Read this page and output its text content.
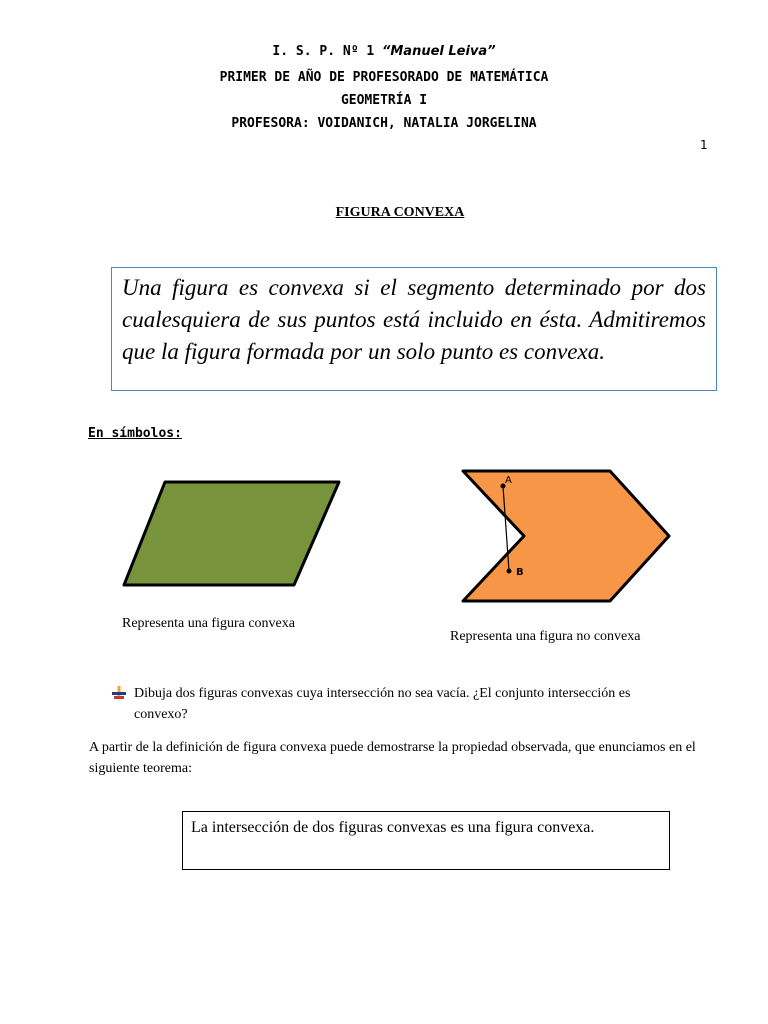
I. S. P. Nº 1 “Manuel Leiva”
PRIMER DE AÑO DE PROFESORADO DE MATEMÁTICA
GEOMETRÍA I
PROFESORA: VOIDANICH, NATALIA JORGELINA
1
FIGURA CONVEXA

Una figura es convexa si el segmento determinado por dos cualesquiera de sus puntos está incluido en ésta. Admitiremos que la figura formada por un solo punto es convexa.

En símbolos:
Representa una figura convexa
A
B
Representa una figura no convexa
Dibuja dos figuras convexas cuya intersección no sea vacía. ¿El conjunto intersección es convexo?
A partir de la definición de figura convexa puede demostrarse la propiedad observada, que enunciamos en el siguiente teorema:
La intersección de dos figuras convexas es una figura convexa.
